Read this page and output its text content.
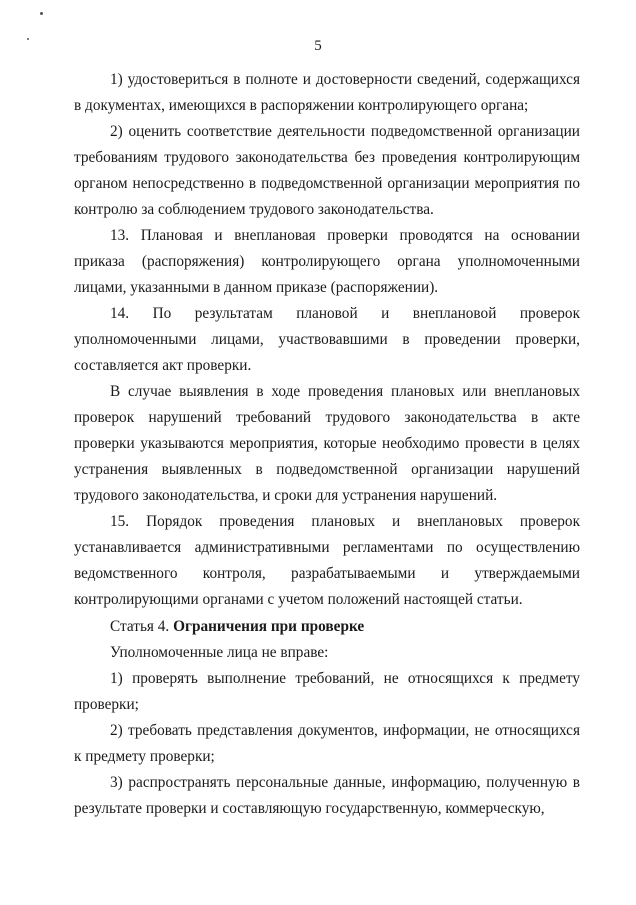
5

1) удостовериться в полноте и достоверности сведений, содержащихся в документах, имеющихся в распоряжении контролирующего органа;

2) оценить соответствие деятельности подведомственной организации требованиям трудового законодательства без проведения контролирующим органом непосредственно в подведомственной организации мероприятия по контролю за соблюдением трудового законодательства.

13. Плановая и внеплановая проверки проводятся на основании приказа (распоряжения) контролирующего органа уполномоченными лицами, указанными в данном приказе (распоряжении).

14. По результатам плановой и внеплановой проверок уполномоченными лицами, участвовавшими в проведении проверки, составляется акт проверки.

В случае выявления в ходе проведения плановых или внеплановых проверок нарушений требований трудового законодательства в акте проверки указываются мероприятия, которые необходимо провести в целях устранения выявленных в подведомственной организации нарушений трудового законодательства, и сроки для устранения нарушений.

15. Порядок проведения плановых и внеплановых проверок устанавливается административными регламентами по осуществлению ведомственного контроля, разрабатываемыми и утверждаемыми контролирующими органами с учетом положений настоящей статьи.

Статья 4. Ограничения при проверке

Уполномоченные лица не вправе:

1) проверять выполнение требований, не относящихся к предмету проверки;

2) требовать представления документов, информации, не относящихся к предмету проверки;

3) распространять персональные данные, информацию, полученную в результате проверки и составляющую государственную, коммерческую,
